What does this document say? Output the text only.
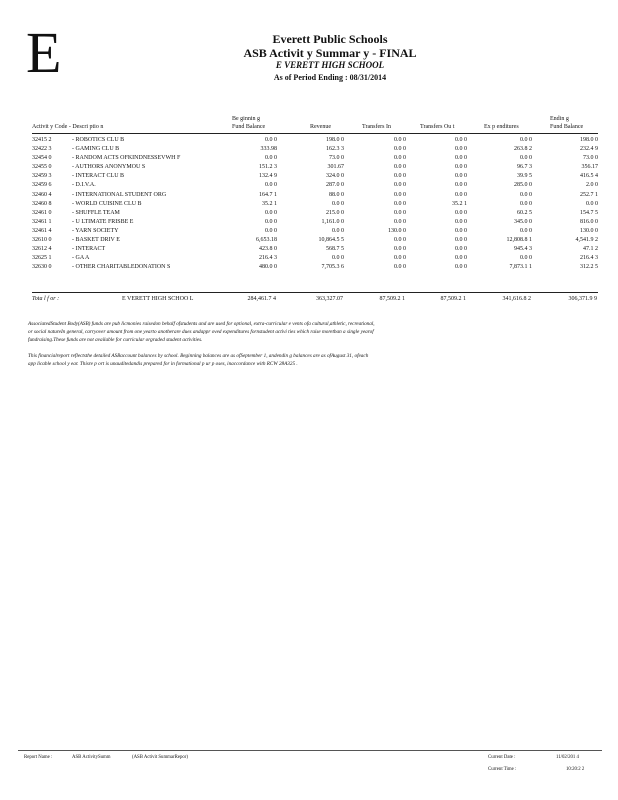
E	Everett Public Schools
ASB Activit y Summar y - FINAL
E VERETT HIGH SCHOOL
As of Period Ending : 08/31/2014
Activit y Code - Descri ptio n
Be ginnin g
Fund Balance	Revenue	Transfers In	Transfers Ou t	Ex p enditures
Endin g
Fund Balance
32415 2	- ROBOTICS CLU B	0.0 0	198.0 0	0.0 0	0.0 0	0.0 0	198.0 0
32422 3	- GAMING CLU B	333.98	162.3 3	0.0 0	0.0 0	263.8 2	232.4 9
32454 0	- RANDOM ACTS OFKINDNESSEVWH F	0.0 0	73.0 0	0.0 0	0.0 0	0.0 0	73.0 0
32455 0	- AUTHORS ANONYMOU S	151.2 3	301.67	0.0 0	0.0 0	96.7 3	356.17
32459 3	- INTERACT CLU B	132.4 9	324.0 0	0.0 0	0.0 0	39.9 5	416.5 4
32459 6	- D.I.V.A.	0.0 0	287.0 0	0.0 0	0.0 0	285.0 0	2.0 0
32460 4	- INTERNATIONAL STUDENT ORG	164.7 1	88.0 0	0.0 0	0.0 0	0.0 0	252.7 1
32460 8	- WORLD CUISINE CLU B	35.2 1	0.0 0	0.0 0	35.2 1	0.0 0	0.0 0
32461 0	- SHUFFLE TEAM	0.0 0	215.0 0	0.0 0	0.0 0	60.2 5	154.7 5
32461 1	- U LTIMATE FRISBE E	0.0 0	1,161.0 0	0.0 0	0.0 0	345.0 0	816.0 0
32461 4	- YARN SOCIETY	0.0 0	0.0 0	130.0 0	0.0 0	0.0 0	130.0 0
32610 0	- BASKET DRIV E	6,653.18	10,864.5 5	0.0 0	0.0 0	12,808.8 1	4,541.9 2
32612 4	- INTERACT	423.8 0	568.7 5	0.0 0	0.0 0	945.4 3	47.1 2
32625 1	- GA A	216.4 3	0.0 0	0.0 0	0.0 0	0.0 0	216.4 3
32630 0	- OTHER CHARITABLEDONATION S	480.0 0	7,705.3 6	0.0 0	0.0 0	7,873.1 1	312.2 5
Tota l f or :	E VERETT HIGH SCHOO L	284,461.7 4	363,327.07	87,509.2 1	87,509.2 1	341,616.8 2	306,371.9 9

AssociatedStudent Body(ASB) funds are pub licmonies raisedon behalf ofstudents and are used for optional, extra-curricular e vents ofa cultural,athletic, recreational,

or social natureIn general, carryover amount from one yearto anotherare dues andappr oved expenditures fornstudent activi ties which raise moretban a single yearof

fundraising.These funds are not available for curricular orgraded student activities.

This financialreport reflectsthe detailed ASBaccount balances by school. Beginning balances are as ofSeptember 1, andendin g balances are as ofAugust 31, ofeach

app licable school y ear. Thisre p ort is unauditedandis prepared for in formational p ur p oses, inaccordance with RCW 28A325 .

Report Name :	ASB ActivitySumm	(ASB Activit SummarRepor)	Current Date :	11/02/201 4
Current Time :	10:20:2 2
